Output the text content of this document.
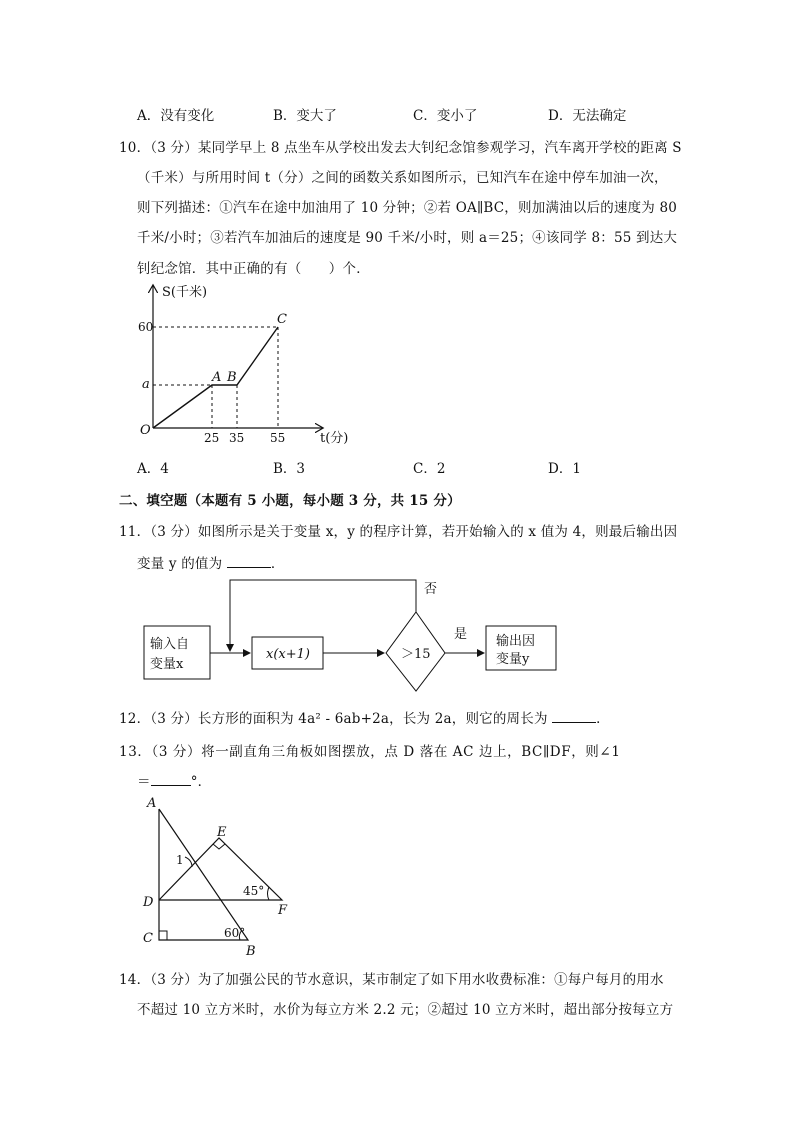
A．没有变化	B．变大了	C．变小了	D．无法确定
10．（3 分）某同学早上 8 点坐车从学校出发去大钊纪念馆参观学习，汽车离开学校的距离 S
（千米）与所用时间 t（分）之间的函数关系如图所示，已知汽车在途中停车加油一次，
则下列描述：①汽车在途中加油用了 10 分钟；②若 OA∥BC，则加满油以后的速度为 80
千米/小时；③若汽车加油后的速度是 90 千米/小时，则 a＝25；④该同学 8：55 到达大
钊纪念馆．其中正确的有（　　）个．
S(千米)
t(分)
O
60
a
25 35 55
A B
C
A．4	B．3	C．2	D．1
二、填空题（本题有 5 小题，每小题 3 分，共 15 分）
11．（3 分）如图所示是关于变量 x，y 的程序计算，若开始输入的 x 值为 4，则最后输出因
变量 y 的值为	．
输入自
变量x
x(x+1)	＞15
否
是 输出因
变量y
12．（3 分）长方形的面积为 4a² - 6ab+2a，长为 2a，则它的周长为	．
13．（3 分）将一副直角三角板如图摆放，点 D 落在 AC 边上，BC∥DF，则∠1
＝	°．
A
E
1
45°
D
F
C	60°
B
14．（3 分）为了加强公民的节水意识，某市制定了如下用水收费标准：①每户每月的用水
不超过 10 立方米时，水价为每立方米 2.2 元；②超过 10 立方米时，超出部分按每立方
